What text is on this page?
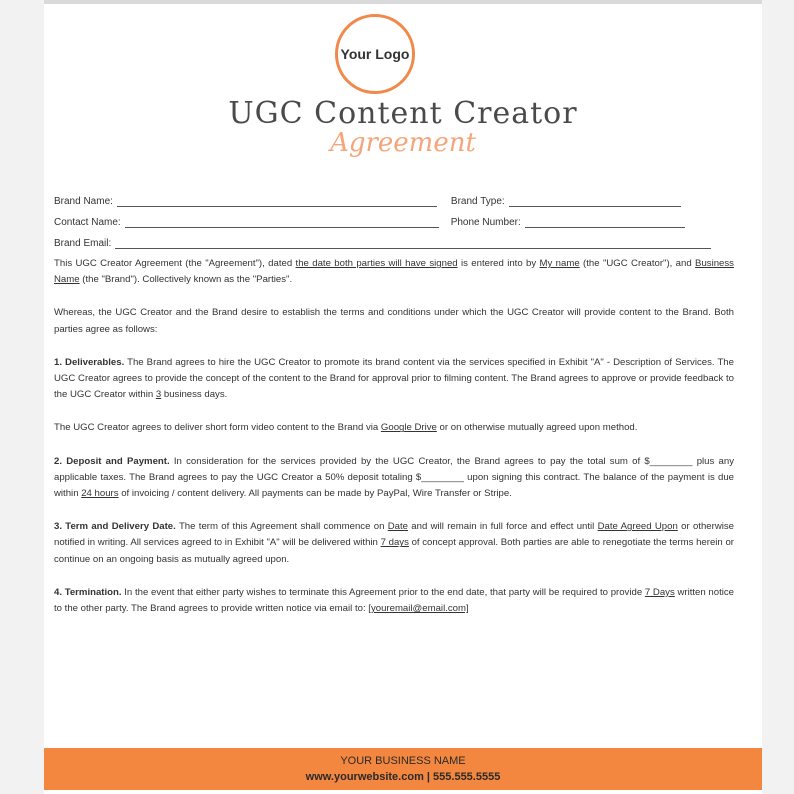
Your Logo
UGC Content Creator
Agreement
Brand Name:	Brand Type:
Contact Name:	Phone Number:
Brand Email:

This UGC Creator Agreement (the "Agreement"), dated the date both parties will have signed is entered into by My name (the "UGC Creator"), and Business Name (the "Brand"). Collectively known as the "Parties".

Whereas, the UGC Creator and the Brand desire to establish the terms and conditions under which the UGC Creator will provide content to the Brand. Both parties agree as follows:

1. Deliverables. The Brand agrees to hire the UGC Creator to promote its brand content via the services specified in Exhibit "A" - Description of Services. The UGC Creator agrees to provide the concept of the content to the Brand for approval prior to filming content. The Brand agrees to approve or provide feedback to the UGC Creator within 3 business days.

The UGC Creator agrees to deliver short form video content to the Brand via Google Drive or on otherwise mutually agreed upon method.

2. Deposit and Payment. In consideration for the services provided by the UGC Creator, the Brand agrees to pay the total sum of $________ plus any applicable taxes. The Brand agrees to pay the UGC Creator a 50% deposit totaling $________ upon signing this contract. The balance of the payment is due within 24 hours of invoicing / content delivery. All payments can be made by PayPal, Wire Transfer or Stripe.

3. Term and Delivery Date. The term of this Agreement shall commence on Date and will remain in full force and effect until Date Agreed Upon or otherwise notified in writing. All services agreed to in Exhibit "A" will be delivered within 7 days of concept approval. Both parties are able to renegotiate the terms herein or continue on an ongoing basis as mutually agreed upon.

4. Termination. In the event that either party wishes to terminate this Agreement prior to the end date, that party will be required to provide 7 Days written notice to the other party. The Brand agrees to provide written notice via email to: [youremail@email.com]

YOUR BUSINESS NAME
www.yourwebsite.com | 555.555.5555
